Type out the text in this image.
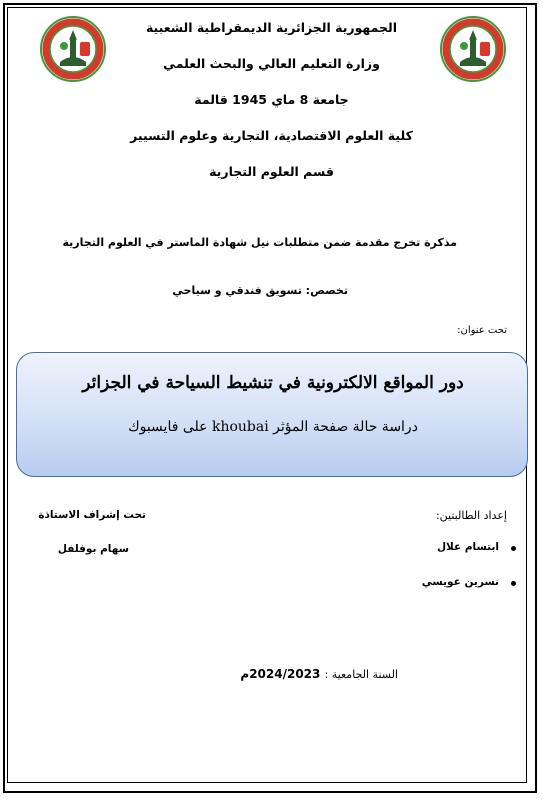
الجمهورية الجزائرية الديمقراطية الشعبية
وزارة التعليم العالي والبحث العلمي
جامعة 8 ماي 1945 قالمة
كلية العلوم الاقتصادية، التجارية وعلوم التسيير
قسم العلوم التجارية
مذكرة تخرج مقدمة ضمن متطلبات نيل شهادة الماستر في العلوم التجارية
تخصص: تسويق فندقي و سياحي
تحت عنوان:
دور المواقع الالكترونية في تنشيط السياحة في الجزائر
دراسة حالة صفحة المؤثر khoubai على فايسبوك
إعداد الطالبتين:
ابتسام علال
نسرين عويسي
تحت إشراف الاستاذة
سهام بوفلفل
السنة الجامعية : 2024/2023م
